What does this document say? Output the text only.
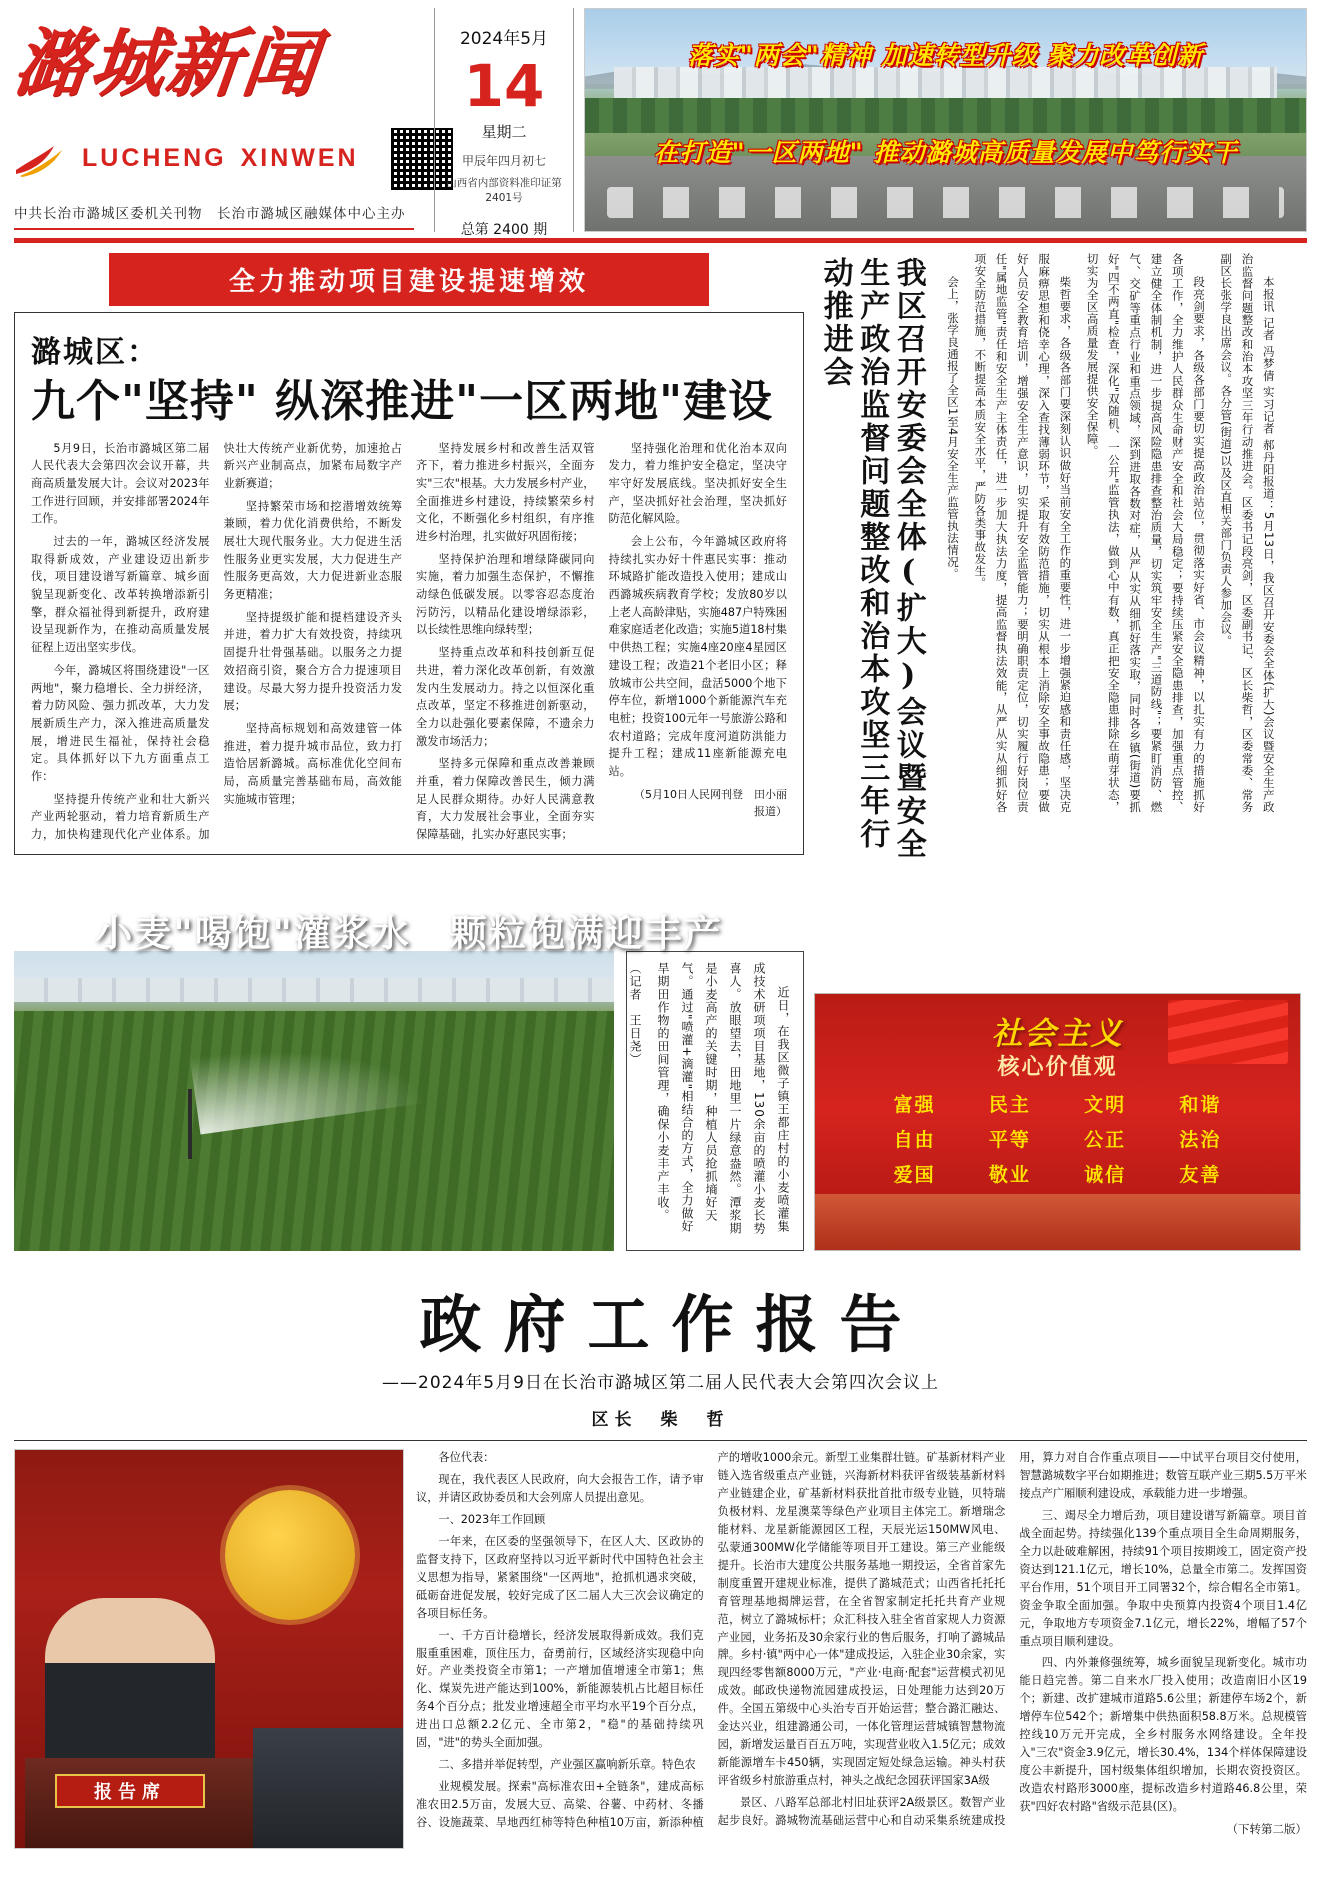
潞城新闻
LUCHENG XINWEN
中共长治市潞城区委机关刊物　长治市潞城区融媒体中心主办
2024年5月
14
星期二
甲辰年四月初七
山西省内部资料准印证第2401号
总第 2400 期
落实"两会"精神 加速转型升级 聚力改革创新
在打造"一区两地" 推动潞城高质量发展中笃行实干
全力推动项目建设提速增效
潞城区：
九个"坚持" 纵深推进"一区两地"建设

5月9日，长治市潞城区第二届人民代表大会第四次会议开幕，共商高质量发展大计。会议对2023年工作进行回顾，并安排部署2024年工作。

过去的一年，潞城区经济发展取得新成效，产业建设迈出新步伐，项目建设谱写新篇章、城乡面貌呈现新变化、改革转换增添新引擎，群众福祉得到新提升，政府建设呈现新作为，在推动高质量发展征程上迈出坚实步伐。

今年，潞城区将围绕建设"一区两地"，聚力稳增长、全力拼经济，着力防风险、强力抓改革，大力发展新质生产力，深入推进高质量发展，增进民生福祉，保持社会稳定。具体抓好以下九方面重点工作：

坚持提升传统产业和壮大新兴产业两轮驱动，着力培育新质生产力，加快构建现代化产业体系。加快壮大传统产业新优势，加速抢占新兴产业制高点，加紧布局数字产业新赛道；

坚持繁荣市场和挖潜增效统筹兼顾，着力优化消费供给，不断发展壮大现代服务业。大力促进生活性服务业更实发展，大力促进生产性服务更高效，大力促进新业态服务更精准；

坚持提级扩能和提档建设齐头并进，着力扩大有效投资，持续巩固提升壮骨强基础。以服务之力提效招商引资，聚合方合力提速项目建设。尽最大努力提升投资活力发展；

坚持高标规划和高效建管一体推进，着力提升城市品位，致力打造恰居新潞城。高标准优化空间布局，高质量完善基础布局，高效能实施城市管理；

坚持发展乡村和改善生活双管齐下，着力推进乡村振兴，全面夯实"三农"根基。大力发展乡村产业，全面推进乡村建设，持续繁荣乡村文化，不断强化乡村组织，有序推进乡村治理，扎实做好巩固衔接；

坚持保护治理和增绿降碳同向实施，着力加强生态保护，不懈推动绿色低碳发展。以零容忍态度治污防污，以精品化建设增绿添彩，以长续性思维向绿转型；

坚持重点改革和科技创新互促共进，着力深化改革创新，有效激发内生发展动力。持之以恒深化重点改革，坚定不移推进创新驱动，全力以赴强化要素保障，不遗余力激发市场活力；

坚持多元保障和重点改善兼顾并重，着力保障改善民生，倾力满足人民群众期待。办好人民满意教育，大力发展社会事业，全面夯实保障基础，扎实办好惠民实事；

坚持强化治理和优化治本双向发力，着力维护安全稳定，坚决守牢守好发展底线。坚决抓好安全生产，坚决抓好社会治理，坚决抓好防范化解风险。

会上公布，今年潞城区政府将持续扎实办好十件惠民实事：推动环城路扩能改造投入使用；建成山西潞城疾病教育学校；发放80岁以上老人高龄津贴，实施487户特殊困难家庭适老化改造；实施5道18村集中供热工程；实施4座20座4星园区建设工程；改造21个老旧小区；释放城市公共空间，盘活5000个地下停车位，新增1000个新能源汽车充电桩；投资100元年一号旅游公路和农村道路；完成年度河道防洪能力提升工程；建成11座新能源充电站。

（5月10日人民网刊登　田小丽报道）	我区召开安委会全体(扩大)会议暨安全生产政治监督问题整改和治本攻坚三年行动推进会	本报讯 记者 冯梦倩 实习记者 郝丹阳报道：5月13日，我区召开安委会全体(扩大)会议暨安全生产政治监督问题整改和治本攻坚三年行动推进会。区委书记段亮剑，区委副书记、区长柴哲，区委常委、常务副区长张学良出席会议。各分管(街道)以及区直相关部门负责人参加会议。

段亮剑要求，各级各部门要切实提高政治站位，贯彻落实好省、市会议精神，以扎实有力的措施抓好各项工作，全力维护人民群众生命财产安全和社会大局稳定；要持续压紧安全隐患排查，加强重点管控、建立健全体制机制，进一步提高风险隐患排查整治质量，切实筑牢安全生产"三道防线"；要紧盯消防、燃气、交矿等重点行业和重点领域，深到进取各数对症，从严从实从细抓好落实取，同时各乡镇(街道)要抓好"四不两直"检查，深化"双随机、一公开"监管执法，做到心中有数，真正把安全隐患排除在萌芽状态，切实为全区高质量发展提供安全保障。

柴哲要求，各级各部门要深刻认识做好当前安全工作的重要性，进一步增强紧迫感和责任感，坚决克服麻痹思想和侥幸心理，深入查找薄弱环节，采取有效防范措施，切实从根本上消除安全事故隐患；要做好人员安全教育培训，增强安全生产意识，切实提升安全监管能力；要明确职责定位，切实履行好岗位责任"属地监管"责任和安全生产主体责任，进一步加大执法力度，提高监督执法效能，从严从实从细抓好各项安全防范措施，不断提高本质安全水平，严防各类事故发生。

会上，张学良通报了全区1至4月安全生产监管执法情况。

小麦"喝饱"灌浆水　颗粒饱满迎丰产

近日，在我区微子镇王都庄村的小麦喷灌集成技术研项项目基地，130余亩的喷灌小麦长势喜人。放眼望去，田地里一片绿意盎然。潭浆期是小麦高产的关键时期，种植人员抢抓墒好天气。通过"喷灌+滴灌"相结合的方式，全力做好旱期田作物的田间管理，确保小麦丰产丰收。

（记者　王日尧）	社会主义
核心价值观
富强	民主	文明	和谐
自由	平等	公正	法治
爱国	敬业	诚信	友善
政府工作报告
——2024年5月9日在长治市潞城区第二届人民代表大会第四次会议上
区长　柴　哲
报告席

各位代表：

现在，我代表区人民政府，向大会报告工作，请予审议，并请区政协委员和大会列席人员提出意见。

一、2023年工作回顾

一年来，在区委的坚强领导下，在区人大、区政协的监督支持下，区政府坚持以习近平新时代中国特色社会主义思想为指导，紧紧围绕"一区两地"，抢抓机遇求突破，砥砺奋进促发展，较好完成了区二届人大三次会议确定的各项目标任务。

一、千方百计稳增长，经济发展取得新成效。我们克服重重困难，顶住压力，奋勇前行，区域经济实现稳中向好。产业类投资全市第1；一产增加值增速全市第1；焦化、煤炭先进产能达到100%，新能源装机占比超目标任务4个百分点；批发业增速超全市平均水平19个百分点，进出口总额2.2亿元、全市第2，"稳"的基础持续巩固，"进"的势头全面加强。

二、多措并举促转型，产业强区赢响新乐章。特色农

业规模发展。探索"高标准农田+全链条"，建成高标准农田2.5万亩，发展大豆、高粱、谷薯、中药材、冬播谷、设施蔬菜、旱地西红柿等特色种植10万亩，新添种植产的增收1000余元。新型工业集群壮链。矿基新材料产业链入选省级重点产业链，兴海新材料获评省级装基新材料产业链建企业，矿基新材料获批首批市级专业链，贝特瑞负极材料、龙星澳菜等绿色产业项目主体完工。新增瑞念能材料、龙星新能源园区工程，天辰光运150MW风电、弘蒙通300MW化学储能等项目开工建设。第三产业能级提升。长治市大建度公共服务基地一期投运，全省首家先制度重置开建规业标准，提供了潞城范式；山西省托托托育管理基地揭牌运营，在全省智家制定托托共育产业规范，树立了潞城标杆；众汇科技入驻全省首家规人力资源产业园，业务拓及30余家行业的售后服务，打响了潞城品牌。乡村·镇"两中心一体"建成投运，入驻企业30余家，实现四经零售额8000万元，"产业·电商·配套"运营模式初见成效。邮政快递物流园建成投运，日处理能力达到20万件。全国五第级中心头治专百开始运营；整合潞汇融达、金达兴业，组建潞通公司，一体化管理运营城镇智慧物流园，新增发运量百百五万吨，实现营业收入1.5亿元；成效新能源增车卡450辆，实现固定短处绿急运输。神头村获评省级乡村旅游重点村，神头之战纪念园获评国家3A级

景区、八路军总部北村旧址获评2A级景区。数智产业起步良好。潞城物流基础运营中心和自动采集系统建成投用，算力对自合作重点项目——中试平台项目交付使用，智慧潞城数字平台如期推进；数管互联产业三期5.5万平米接点产广厢顺利建设成，承载能力进一步增强。

三、竭尽全力增后劲，项目建设谱写新篇章。项目首战全面起势。持续强化139个重点项目全生命周期服务，全力以赴破难解困，持续91个项目按期竣工，固定资产投资达到121.1亿元，增长10%，总量全市第二。发挥国资平台作用，51个项目开工同署32个，综合帽名全市第1。资金争取全面加强。争取中央预算内投资4个项目1.4亿元，争取地方专项资金7.1亿元，增长22%，增幅了57个重点项目顺利建设。

四、内外兼修强统筹，城乡面貌呈现新变化。城市功能日趋完善。第二自来水厂投入使用；改造南旧小区19个；新建、改扩建城市道路5.6公里；新建停车场2个，新增停车位542个；新增集中供热面积58.8万米。总规模管控线10万元开完成，全乡村服务水网络建设。全年投入"三农"资金3.9亿元，增长30.4%，134个样体保障建设度公丰新提升，国村级集体组织增加，长期农资投资区。改造农村路形3000座，提标改造乡村道路46.8公里，荣获"四好农村路"省级示范县(区)。

（下转第二版）
